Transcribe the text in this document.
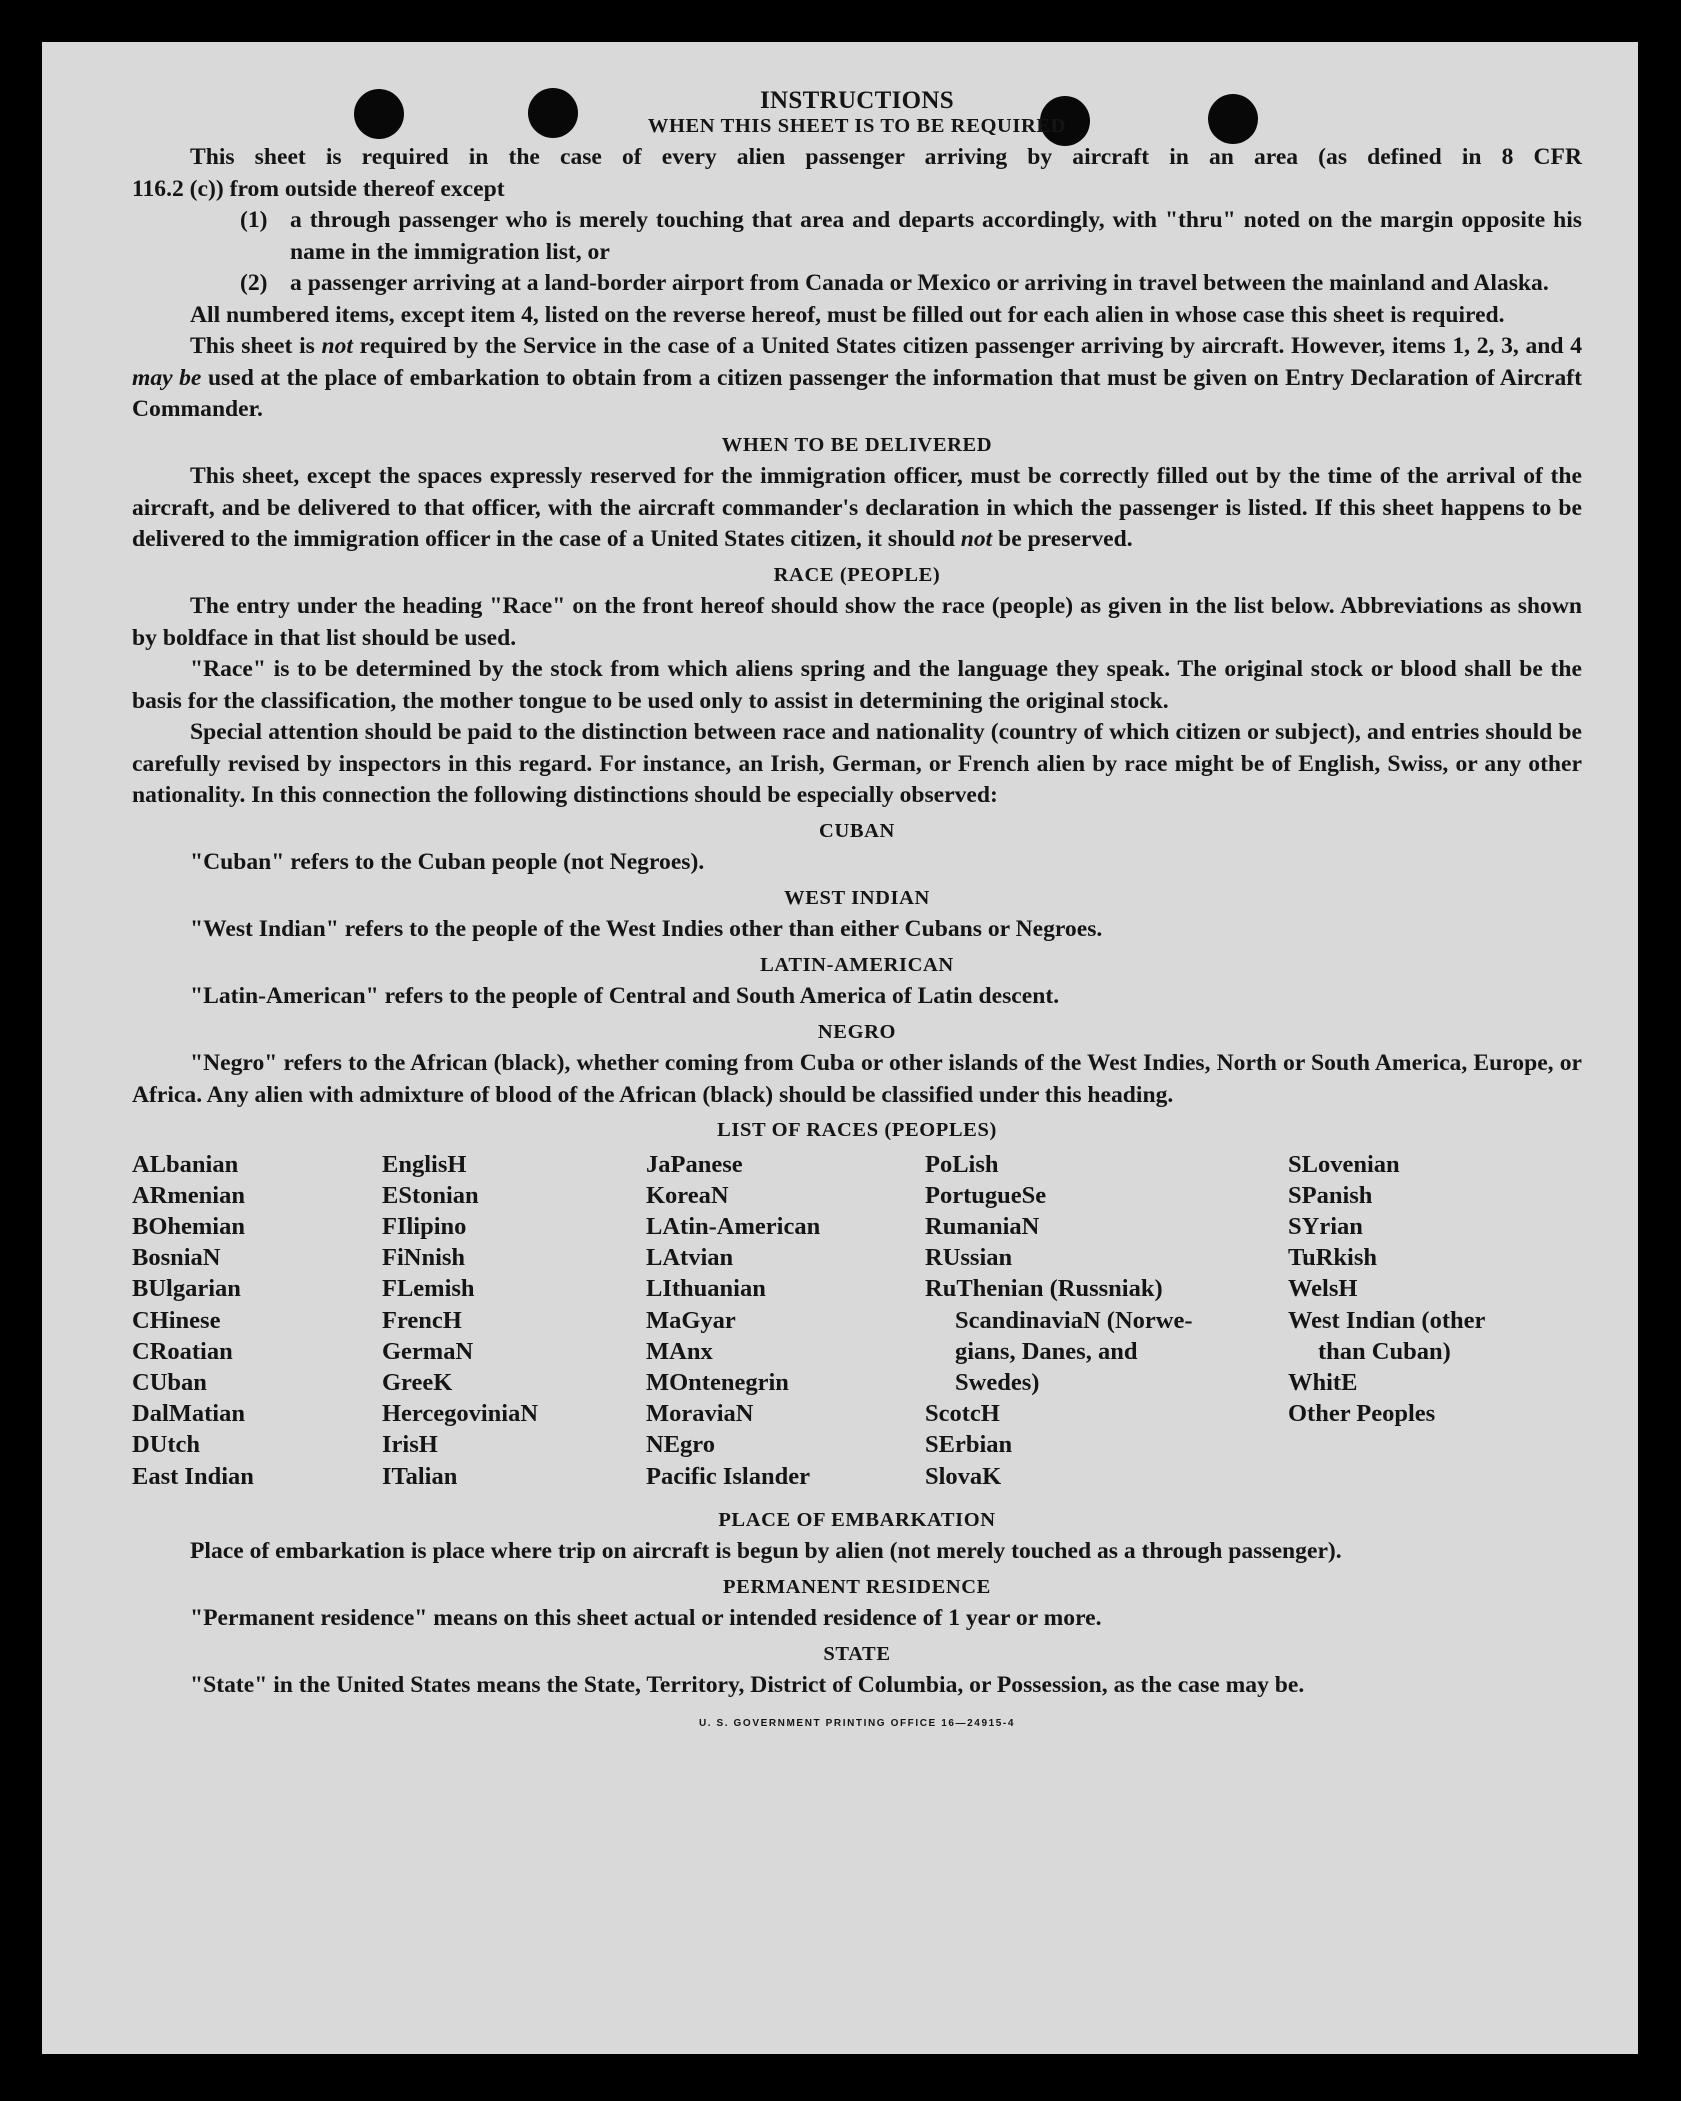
INSTRUCTIONS
WHEN THIS SHEET IS TO BE REQUIRED
This sheet is required in the case of every alien passenger arriving by aircraft in an area (as defined in 8 CFR
116.2 (c)) from outside thereof except
(1) a through passenger who is merely touching that area and departs accordingly, with "thru" noted on the margin opposite his name in the immigration list, or
(2) a passenger arriving at a land-border airport from Canada or Mexico or arriving in travel between the mainland and Alaska.
All numbered items, except item 4, listed on the reverse hereof, must be filled out for each alien in whose case this sheet is required.
This sheet is not required by the Service in the case of a United States citizen passenger arriving by aircraft. However, items 1, 2, 3, and 4 may be used at the place of embarkation to obtain from a citizen passenger the information that must be given on Entry Declaration of Aircraft Commander.
WHEN TO BE DELIVERED
This sheet, except the spaces expressly reserved for the immigration officer, must be correctly filled out by the time of the arrival of the aircraft, and be delivered to that officer, with the aircraft commander's declaration in which the passenger is listed. If this sheet happens to be delivered to the immigration officer in the case of a United States citizen, it should not be preserved.
RACE (PEOPLE)
The entry under the heading "Race" on the front hereof should show the race (people) as given in the list below. Abbreviations as shown by boldface in that list should be used.
"Race" is to be determined by the stock from which aliens spring and the language they speak. The original stock or blood shall be the basis for the classification, the mother tongue to be used only to assist in determining the original stock.
Special attention should be paid to the distinction between race and nationality (country of which citizen or subject), and entries should be carefully revised by inspectors in this regard. For instance, an Irish, German, or French alien by race might be of English, Swiss, or any other nationality. In this connection the following distinctions should be especially observed:
CUBAN
"Cuban" refers to the Cuban people (not Negroes).
WEST INDIAN
"West Indian" refers to the people of the West Indies other than either Cubans or Negroes.
LATIN-AMERICAN
"Latin-American" refers to the people of Central and South America of Latin descent.
NEGRO
"Negro" refers to the African (black), whether coming from Cuba or other islands of the West Indies, North or South America, Europe, or Africa. Any alien with admixture of blood of the African (black) should be classified under this heading.
LIST OF RACES (PEOPLES)
ALbanian
ARmenian
BOhemian
BosniaN
BUlgarian
CHinese
CRoatian
CUban
DalMatian
DUtch
East Indian
EnglisH
EStonian
FIlipino
FiNnish
FLemish
FrencH
GermaN
GreeK
HercegoviniaN
IrisH
ITalian
JaPanese
KoreaN
LAtin-American
LAtvian
LIthuanian
MaGyar
MAnx
MOntenegrin
MoraviaN
NEgro
Pacific Islander
PoLish
PortugueSe
RumaniaN
RUssian
RuThenian (Russniak)
ScandinaviaN (Norwe-
gians, Danes, and
Swedes)
ScotcH
SErbian
SlovaK
SLovenian
SPanish
SYrian
TuRkish
WelsH
West Indian (other
than Cuban)
WhitE
Other Peoples
PLACE OF EMBARKATION
Place of embarkation is place where trip on aircraft is begun by alien (not merely touched as a through passenger).
PERMANENT RESIDENCE
"Permanent residence" means on this sheet actual or intended residence of 1 year or more.
STATE
"State" in the United States means the State, Territory, District of Columbia, or Possession, as the case may be.
U. S. GOVERNMENT PRINTING OFFICE 16—24915-4
